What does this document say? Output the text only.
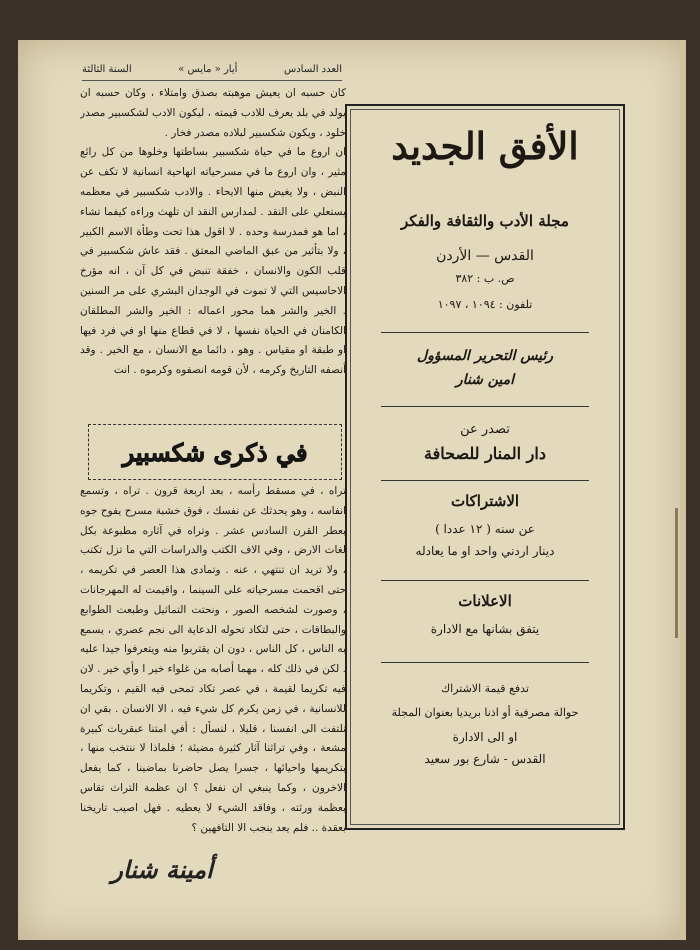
العدد السادس
أيار « مايس »
السنة الثالثة

كان حسبه ان يعيش موهبته بصدق وامتلاء ، وكان حسبه ان يولد في بلد يعرف للادب قيمته ، ليكون الادب لشكسبير مصدر خلود ، ويكون شكسبير لبلاده مصدر فخار .

ان اروع ما في حياة شكسبير بساطتها وخلوها من كل رائع مثير ، وان اروع ما في مسرحياته انهاحية انسانية لا تكف عن النبض ، ولا يغيض منها الايحاء . والادب شكسبير في معظمه يستعلي على النقد . لمدارس النقد ان تلهث وراءه كيفما تشاء ، اما هو فمدرسة وحده . لا اقول هذا تحت وطأة الاسم الكبير ، ولا بتأثير من عبق الماضي المعتق . فقد عاش شكسبير في قلب الكون والانسان ، خفقة تنبض في كل آن ، انه مؤرخ الاحاسيس التي لا تموت في الوجدان البشري على مر السنين . الخير والشر هما محور اعماله : الخير والشر المطلقان الكامنان في الحياة نفسها ، لا في قطاع منها او في فرد فيها او طبقة او مقياس . وهو ، دائما مع الانسان ، مع الخير . وقد أنصفه التاريخ وكرمه ، لأن قومه انصفوه وكرموه . انت

في ذكرى شكسبير

تراه ، في مسقط رأسه ، بعد اربعة قرون . تراه ، وتسمع انفاسه ، وهو يحدثك عن نفسك ، فوق خشبة مسرح يفوح جوه بعطر القرن السادس عشر . وتراه في آثاره مطبوعة بكل لغات الارض ، وفي الاف الكتب والدراسات التي ما تزل تكتب ، ولا تريد ان تنتهي ، عنه . وتمادى هذا العصر في تكريمه ، حتى اقحمت مسرحياته على السينما ، واقيمت له المهرجانات ، وصورت لشخصه الصور ، ونحتت التماثيل وطبعت الطوابع والبطاقات ، حتى لتكاد تحوله الدعاية الى نجم عصري ، يسمع به الناس ، كل الناس ، دون ان يقتربوا منه ويتعرفوا جيدا عليه . لكن في ذلك كله ، مهما أصابه من غلواء خير ا وأي خير . لان فيه تكريما لقيمة ، في عصر تكاد تمحى فيه القيم ، وتكريما للانسانية ، في زمن يكرم كل شيء فيه ، الا الانسان . بقي ان نلتفت الى انفسنا ، قليلا ، لنسأل : أفي امتنا عبقريات كبيرة مشعة ، وفي تراثنا آثار كثيرة مضيئة ؛ فلماذا لا ننتخب منها ، بتكريمها واحيائها ، جسرا يصل حاضرنا بماضينا ، كما يفعل الاخرون ، وكما ينبغي ان نفعل ؟ ان عظمة التراث تقاس بعظمة ورثته ، وفاقد الشيء لا يعطيه . فهل اصيب تاريخنا بعقدة .. فلم يعد ينجب الا التافهين ؟

أمينة شنار
الأفق الجديد
مجلة الأدب والثقافة والفكر
القدس — الأردن
ص. ب : ٣٨٢
تلفون : ١٠٩٤ ، ١٠٩٧
رئيس التحرير المسؤول
امين شنار
تصدر عن
دار المنار للصحافة
الاشتراكات
عن سنه ( ١٢ عددا )
دينار اردني واحد او ما يعادله
الاعلانات
يتفق بشانها مع الادارة
تدفع قيمة الاشتراك
حوالة مصرفية أو اذنا بريديا بعنوان المجلة
او الى الادارة
القدس - شارع بور سعيد
